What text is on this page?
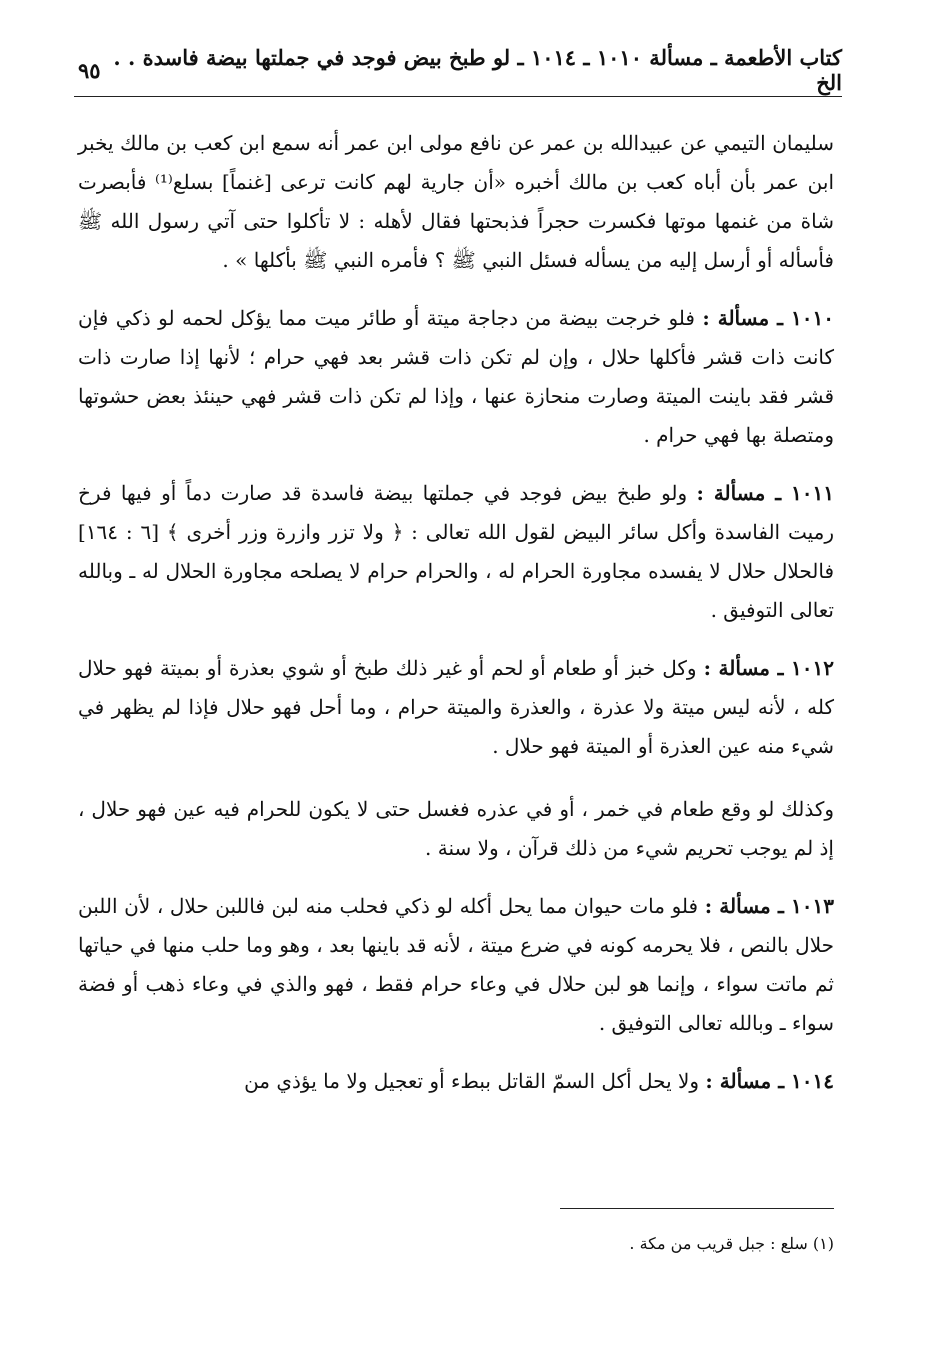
كتاب الأطعمة ـ مسألة ١٠١٠ ـ ١٠١٤ ـ لو طبخ بيض فوجد في جملتها بيضة فاسدة . . الخ
٩٥

سليمان التيمي عن عبيدالله بن عمر عن نافع مولى ابن عمر أنه سمع ابن كعب بن مالك يخبر ابن عمر بأن أباه كعب بن مالك أخبره «أن جارية لهم كانت ترعى [غنماً] بسلع⁽¹⁾ فأبصرت شاة من غنمها موتها فكسرت حجراً فذبحتها فقال لأهله : لا تأكلوا حتى آتي رسول الله ﷺ فأسأله أو أرسل إليه من يسأله فسئل النبي ﷺ ؟ فأمره النبي ﷺ بأكلها » .

١٠١٠ ـ مسألة : فلو خرجت بيضة من دجاجة ميتة أو طائر ميت مما يؤكل لحمه لو ذكي فإن كانت ذات قشر فأكلها حلال ، وإن لم تكن ذات قشر بعد فهي حرام ؛ لأنها إذا صارت ذات قشر فقد باينت الميتة وصارت منحازة عنها ، وإذا لم تكن ذات قشر فهي حينئذ بعض حشوتها ومتصلة بها فهي حرام .

١٠١١ ـ مسألة : ولو طبخ بيض فوجد في جملتها بيضة فاسدة قد صارت دماً أو فيها فرخ رميت الفاسدة وأكل سائر البيض لقول الله تعالى : ﴿ ولا تزر وازرة وزر أخرى ﴾ [٦ : ١٦٤] فالحلال حلال لا يفسده مجاورة الحرام له ، والحرام حرام لا يصلحه مجاورة الحلال له ـ وبالله تعالى التوفيق .

١٠١٢ ـ مسألة : وكل خبز أو طعام أو لحم أو غير ذلك طبخ أو شوي بعذرة أو بميتة فهو حلال كله ، لأنه ليس ميتة ولا عذرة ، والعذرة والميتة حرام ، وما أحل فهو حلال فإذا لم يظهر في شيء منه عين العذرة أو الميتة فهو حلال .

وكذلك لو وقع طعام في خمر ، أو في عذره فغسل حتى لا يكون للحرام فيه عين فهو حلال ، إذ لم يوجب تحريم شيء من ذلك قرآن ، ولا سنة .

١٠١٣ ـ مسألة : فلو مات حيوان مما يحل أكله لو ذكي فحلب منه لبن فاللبن حلال ، لأن اللبن حلال بالنص ، فلا يحرمه كونه في ضرع ميتة ، لأنه قد باينها بعد ، وهو وما حلب منها في حياتها ثم ماتت سواء ، وإنما هو لبن حلال في وعاء حرام فقط ، فهو والذي في وعاء ذهب أو فضة سواء ـ وبالله تعالى التوفيق .

١٠١٤ ـ مسألة : ولا يحل أكل السمّ القاتل ببطء أو تعجيل ولا ما يؤذي من

(١) سلع : جبل قريب من مكة .
